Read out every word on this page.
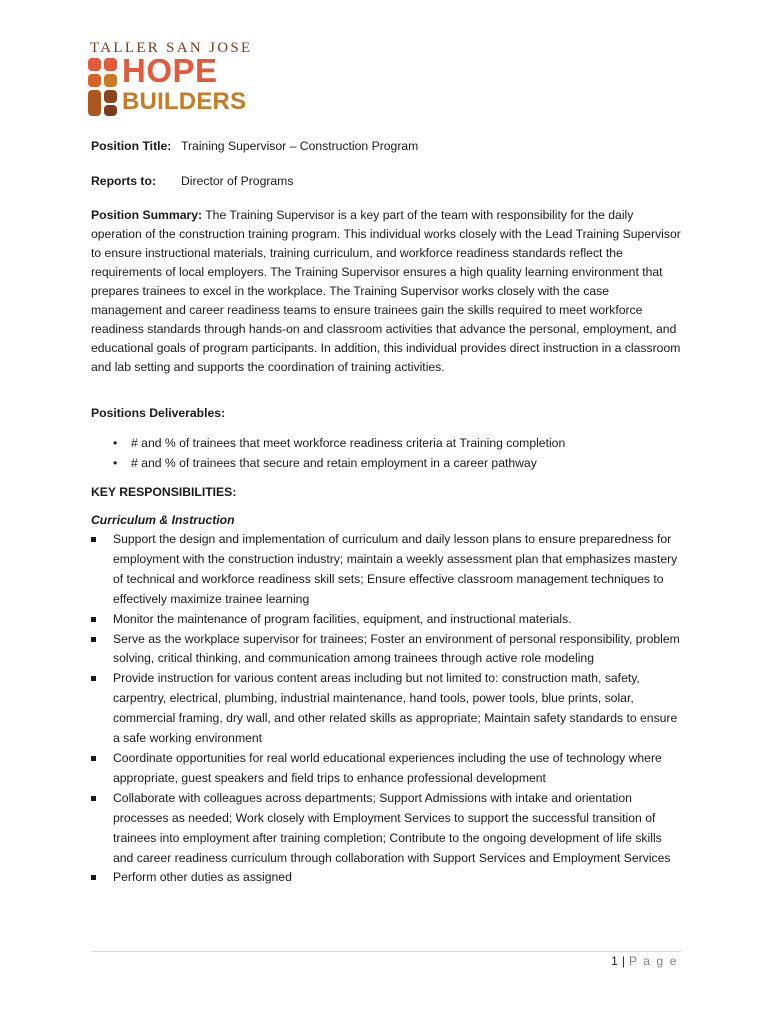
TALLER SAN JOSE
HOPE
BUILDERS
Position Title: Training Supervisor – Construction Program
Reports to: Director of Programs
Position Summary: The Training Supervisor is a key part of the team with responsibility for the daily operation of the construction training program. This individual works closely with the Lead Training Supervisor to ensure instructional materials, training curriculum, and workforce readiness standards reflect the requirements of local employers. The Training Supervisor ensures a high quality learning environment that prepares trainees to excel in the workplace. The Training Supervisor works closely with the case management and career readiness teams to ensure trainees gain the skills required to meet workforce readiness standards through hands-on and classroom activities that advance the personal, employment, and educational goals of program participants. In addition, this individual provides direct instruction in a classroom and lab setting and supports the coordination of training activities.
Positions Deliverables:
• # and % of trainees that meet workforce readiness criteria at Training completion
• # and % of trainees that secure and retain employment in a career pathway
KEY RESPONSIBILITIES:
Curriculum & Instruction
Support the design and implementation of curriculum and daily lesson plans to ensure preparedness for employment with the construction industry; maintain a weekly assessment plan that emphasizes mastery of technical and workforce readiness skill sets; Ensure effective classroom management techniques to effectively maximize trainee learning
Monitor the maintenance of program facilities, equipment, and instructional materials.
Serve as the workplace supervisor for trainees; Foster an environment of personal responsibility, problem solving, critical thinking, and communication among trainees through active role modeling
Provide instruction for various content areas including but not limited to: construction math, safety, carpentry, electrical, plumbing, industrial maintenance, hand tools, power tools, blue prints, solar, commercial framing, dry wall, and other related skills as appropriate; Maintain safety standards to ensure a safe working environment
Coordinate opportunities for real world educational experiences including the use of technology where appropriate, guest speakers and field trips to enhance professional development
Collaborate with colleagues across departments; Support Admissions with intake and orientation processes as needed; Work closely with Employment Services to support the successful transition of trainees into employment after training completion; Contribute to the ongoing development of life skills and career readiness curriculum through collaboration with Support Services and Employment Services
Perform other duties as assigned
1 | P a g e
